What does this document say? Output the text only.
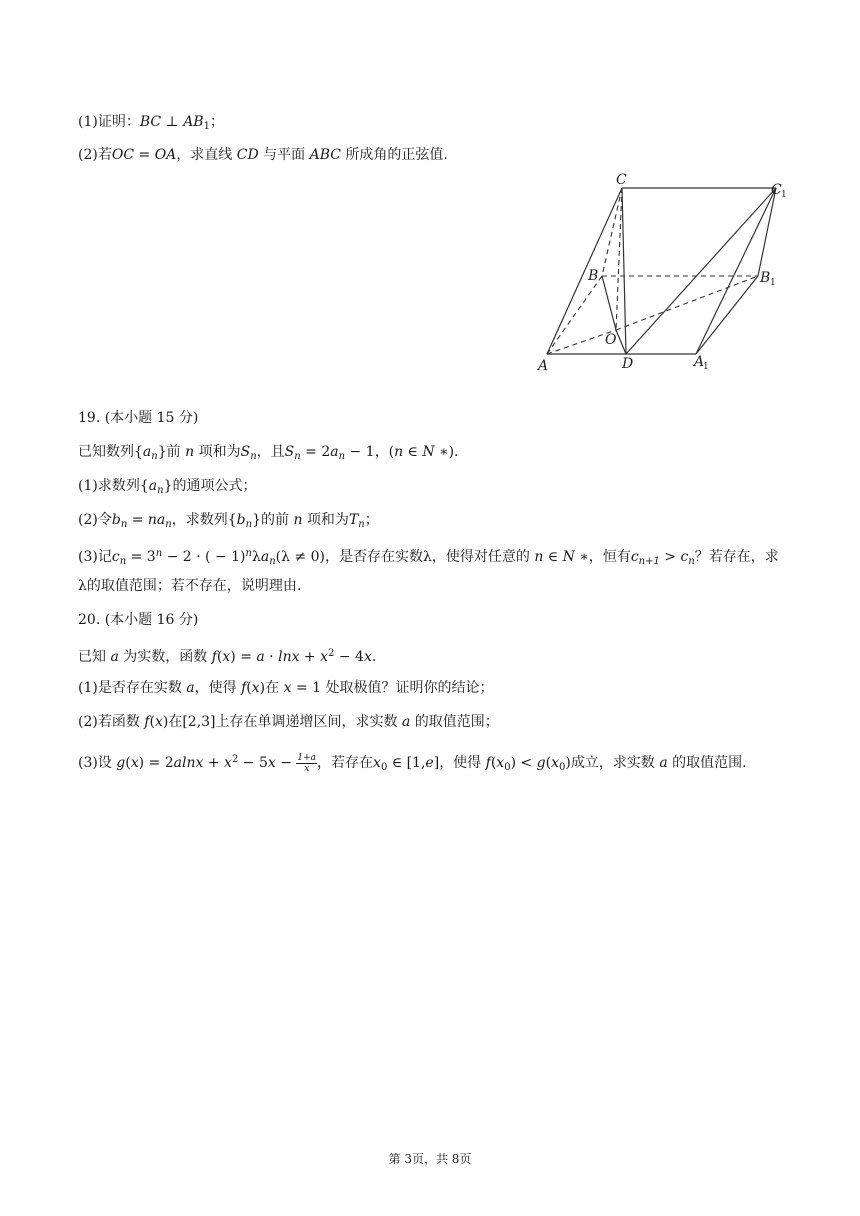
(1)证明：BC ⊥ $AB_1$；
(2)若OC = OA，求直线 CD 与平面 ABC 所成角的正弦值.
C
C 1
B	B 1
O
A	D	A
1
19. (本小题 15 分)
已知数列$\{a_n\}$前 n 项和为$S_n$，且$S_n = 2a_n - 1$，(n ∈ N ∗).
(1)求数列$\{a_n\}$的通项公式；
(2)令$b_n = na_n$，求数列$\{b_n\}$的前 n 项和为$T_n$；
(3)记$c_n = 3^n - 2$ · ( − $1)^n\lambda a_n(\lambda \ne 0)$，是否存在实数λ，使得对任意的 n ∈ N ∗，恒有$c_{n+1} > c_n$？若存在，求
λ的取值范围；若不存在，说明理由.
20. (本小题 16 分)
已知 a 为实数，函数 $f(x) = a \cdot \ln x + x^2 - 4x$.
(1)是否存在实数 a，使得 f(x)在 x = 1 处取极值？证明你的结论；
(2)若函数 f(x)在[2,3]上存在单调递增区间，求实数 a 的取值范围；
(3)设 $g(x) = 2alnx + x^2 - 5x - \frac{1+a}{x}$ ，若存在$x_0$ ∈ [1,e]，使得 $f(x_0) < g(x_0)$成立，求实数 a 的取值范围.
第 3页，共 8页
